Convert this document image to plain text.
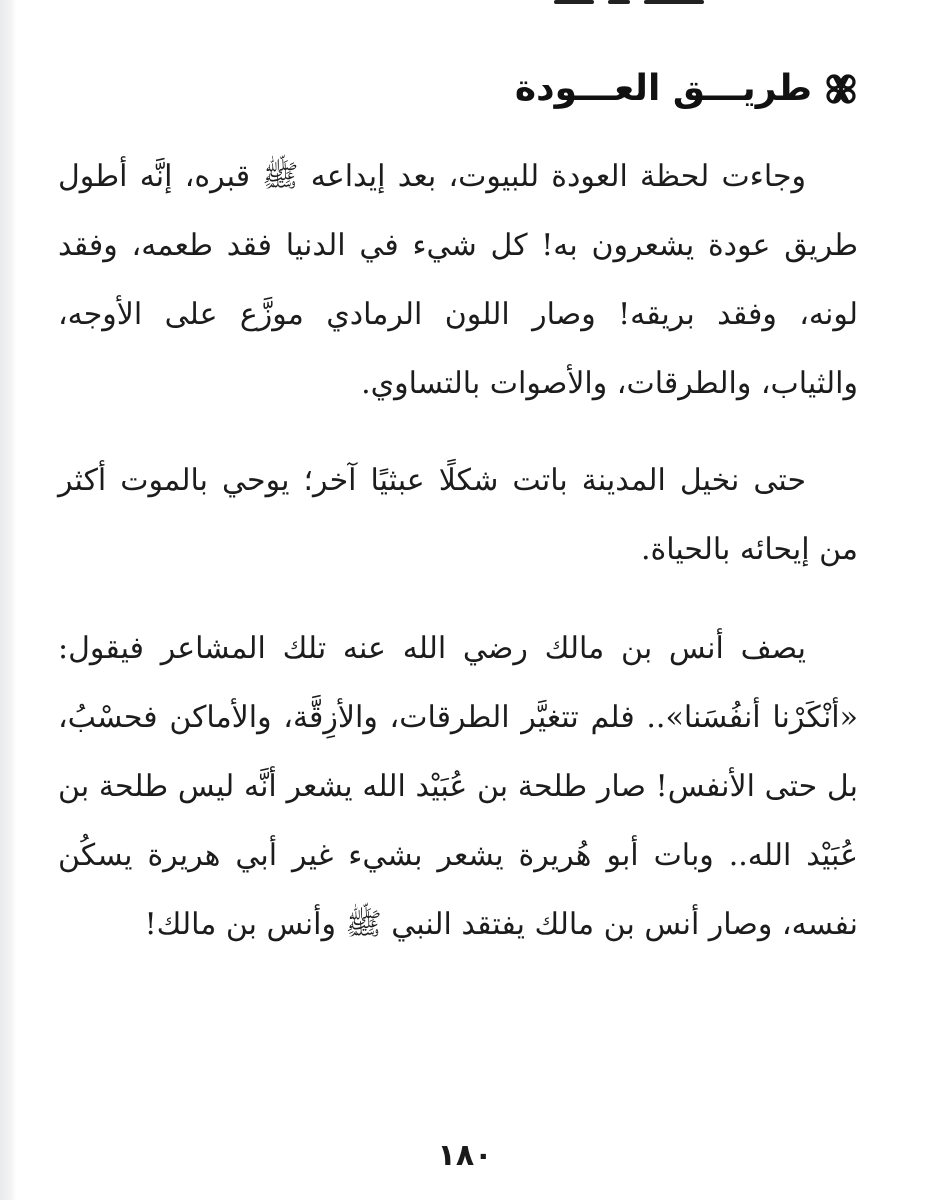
طريـــق العـــودة

وجاءت لحظة العودة للبيوت، بعد إيداعه ﷺ قبره، إنَّه أطول طريق عودة يشعرون به! كل شيء في الدنيا فقد طعمه، وفقد لونه، وفقد بريقه! وصار اللون الرمادي موزَّع على الأوجه، والثياب، والطرقات، والأصوات بالتساوي.

حتى نخيل المدينة باتت شكلًا عبثيًا آخر؛ يوحي بالموت أكثر من إيحائه بالحياة.

يصف أنس بن مالك رضي الله عنه تلك المشاعر فيقول: «أنْكَرْنا أنفُسَنا».. فلم تتغيَّر الطرقات، والأزِقَّة، والأماكن فحسْبُ، بل حتى الأنفس! صار طلحة بن عُبَيْد الله يشعر أنَّه ليس طلحة بن عُبَيْد الله.. وبات أبو هُريرة يشعر بشيء غير أبي هريرة يسكُن نفسه، وصار أنس بن مالك يفتقد النبي ﷺ وأنس بن مالك!

١٨٠
